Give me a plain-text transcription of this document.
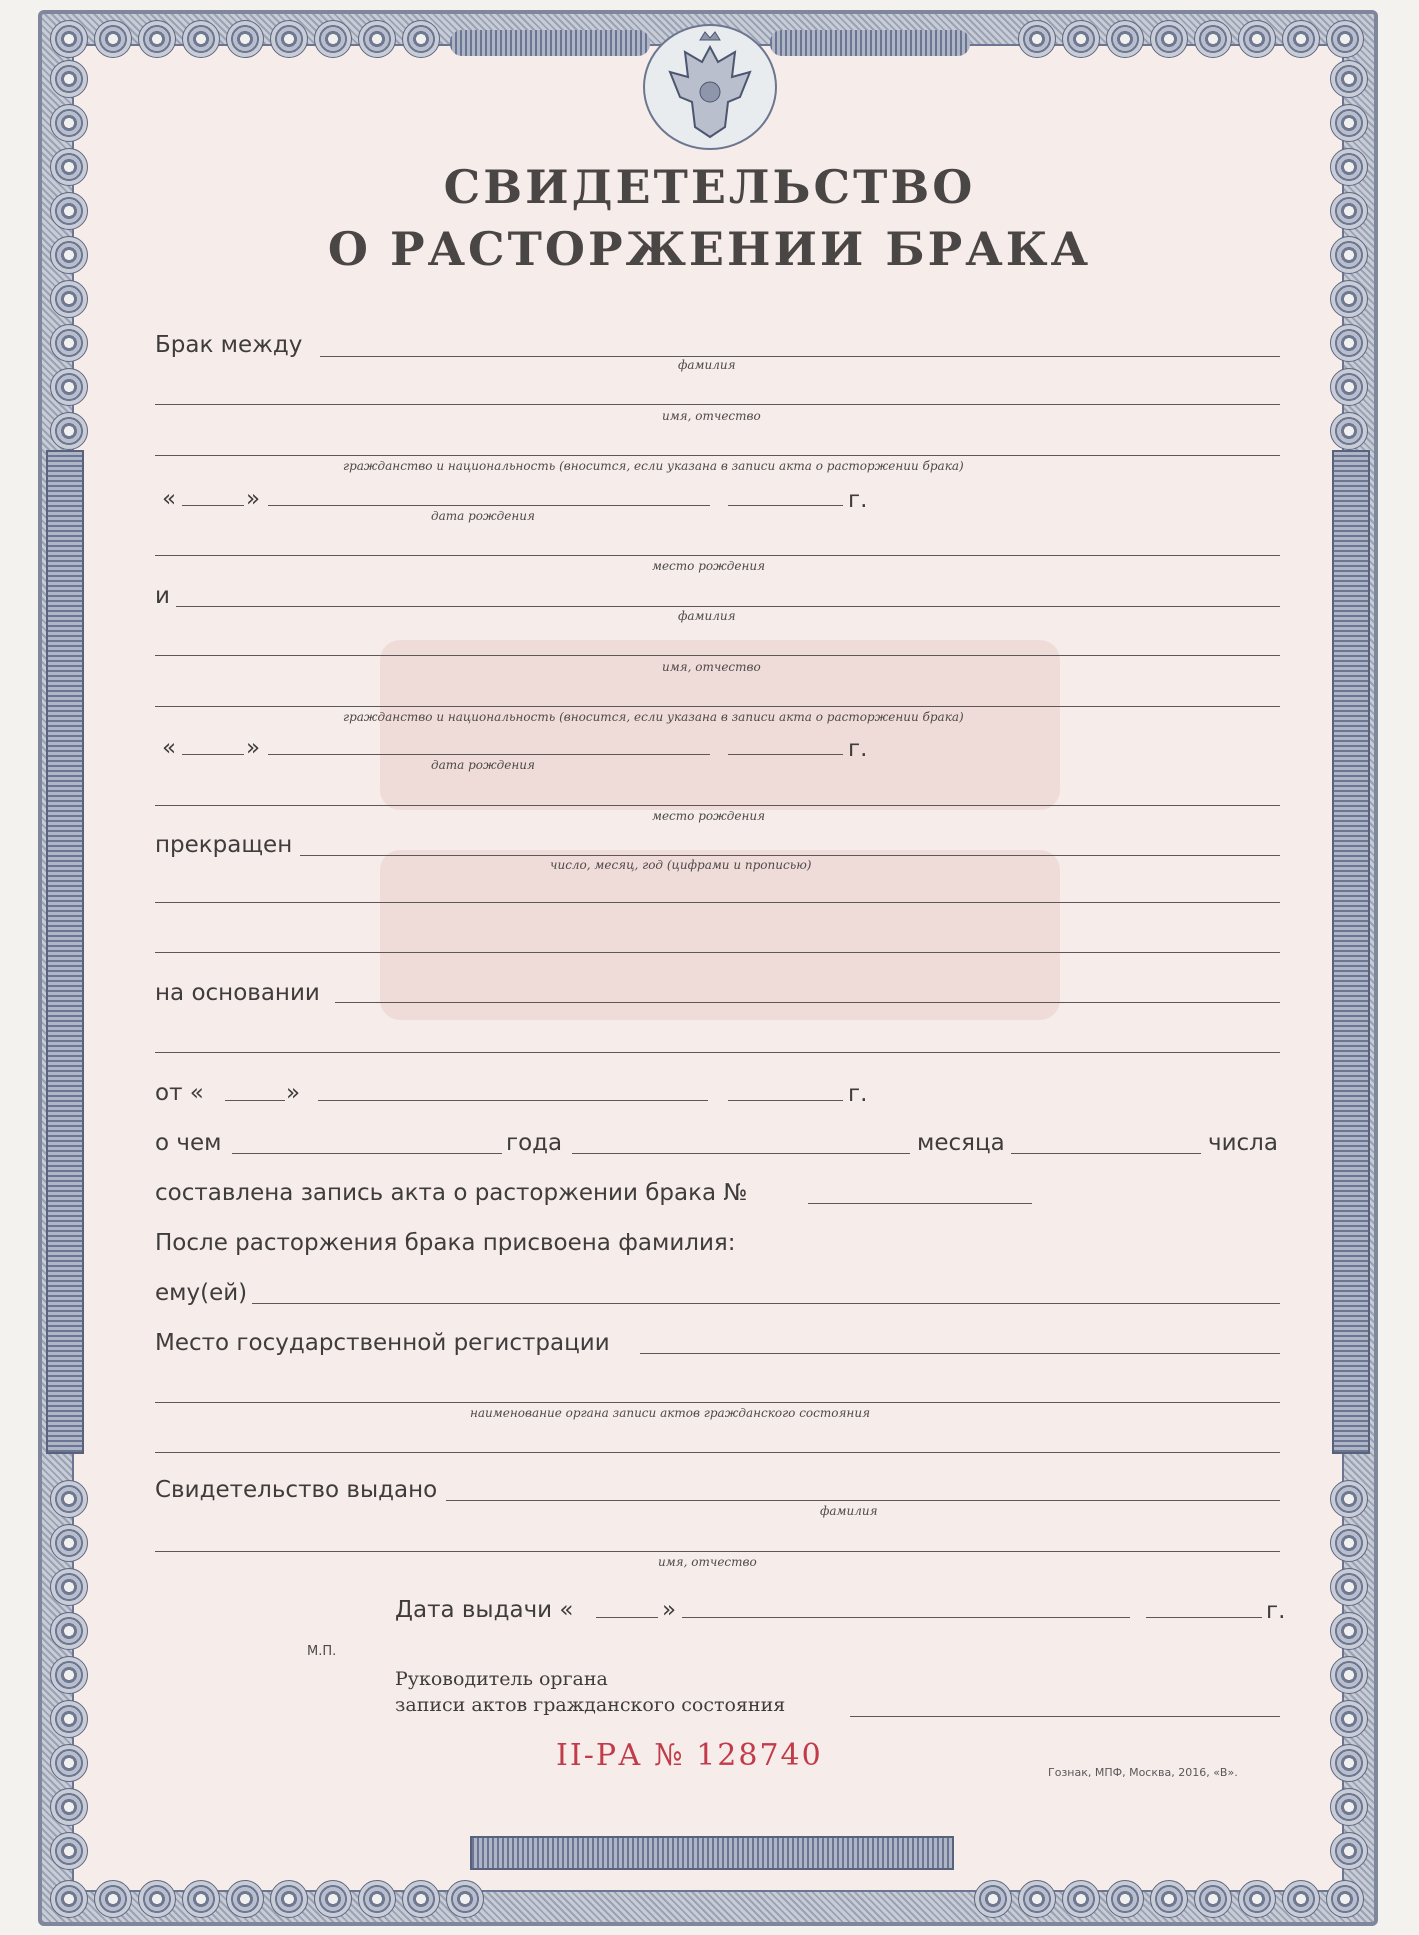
СВИДЕТЕЛЬСТВО
О РАСТОРЖЕНИИ БРАКА
Брак между
фамилия
имя, отчество
гражданство и национальность (вносится, если указана в записи акта о расторжении брака)
«	»	г.
дата рождения
место рождения
и
фамилия
имя, отчество
гражданство и национальность (вносится, если указана в записи акта о расторжении брака)
«	»	г.
дата рождения
место рождения
прекращен
число, месяц, год (цифрами и прописью)
на основании
от «	»	г.
о чем	года	месяца	числа
составлена запись акта о расторжении брака №
После расторжения брака присвоена фамилия:
ему(ей)
Место государственной регистрации
наименование органа записи актов гражданского состояния
Свидетельство выдано
фамилия
имя, отчество
Дата выдачи «	»	г.
М.П.
Руководитель органа
записи актов гражданского состояния
II-РА № 128740	Гознак, МПФ, Москва, 2016, «В».
